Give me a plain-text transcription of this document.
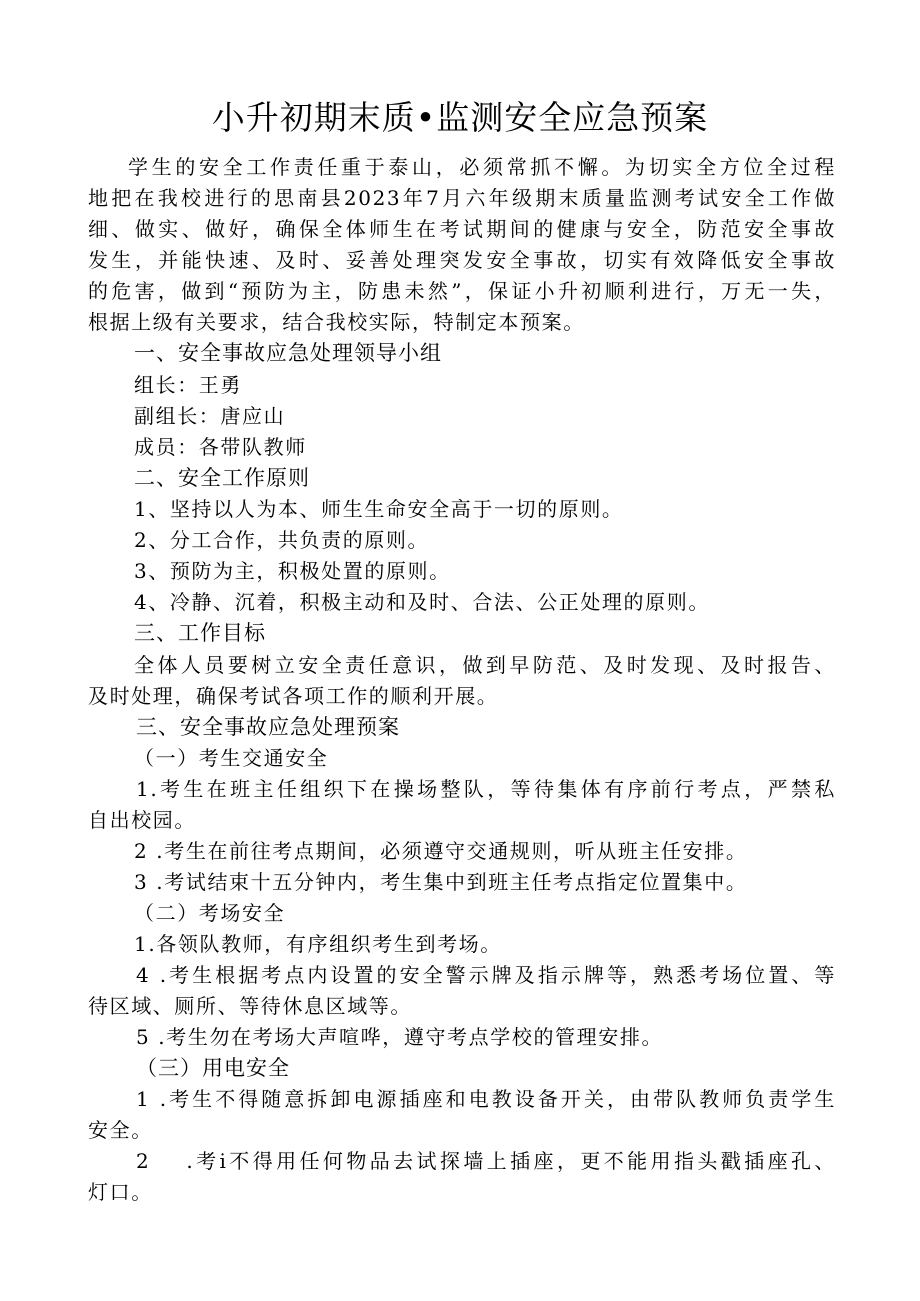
小升初期末质•监测安全应急预案
学生的安全工作责任重于泰山，必须常抓不懈。为切实全方位全过程
地把在我校进行的思南县2023年7月六年级期末质量监测考试安全工作做
细、做实、做好，确保全体师生在考试期间的健康与安全，防范安全事故
发生，并能快速、及时、妥善处理突发安全事故，切实有效降低安全事故
的危害，做到“预防为主，防患未然”，保证小升初顺利进行，万无一失，
根据上级有关要求，结合我校实际，特制定本预案。
一、安全事故应急处理领导小组
组长：王勇
副组长：唐应山
成员：各带队教师
二、安全工作原则
1、坚持以人为本、师生生命安全高于一切的原则。
2、分工合作，共负责的原则。
3、预防为主，积极处置的原则。
4、冷静、沉着，积极主动和及时、合法、公正处理的原则。
三、工作目标
全体人员要树立安全责任意识，做到早防范、及时发现、及时报告、
及时处理，确保考试各项工作的顺利开展。
三、安全事故应急处理预案
（一）考生交通安全
1.考生在班主任组织下在操场整队，等待集体有序前行考点，严禁私
自出校园。
2 .考生在前往考点期间，必须遵守交通规则，听从班主任安排。
3 .考试结束十五分钟内，考生集中到班主任考点指定位置集中。
（二）考场安全
1.各领队教师，有序组织考生到考场。
4 .考生根据考点内设置的安全警示牌及指示牌等，熟悉考场位置、等
待区域、厕所、等待休息区域等。
5 .考生勿在考场大声喧哗，遵守考点学校的管理安排。
（三）用电安全
1 .考生不得随意拆卸电源插座和电教设备开关，由带队教师负责学生
安全。
2 .考i不得用任何物品去试探墙上插座，更不能用指头戳插座孔、
灯口。
